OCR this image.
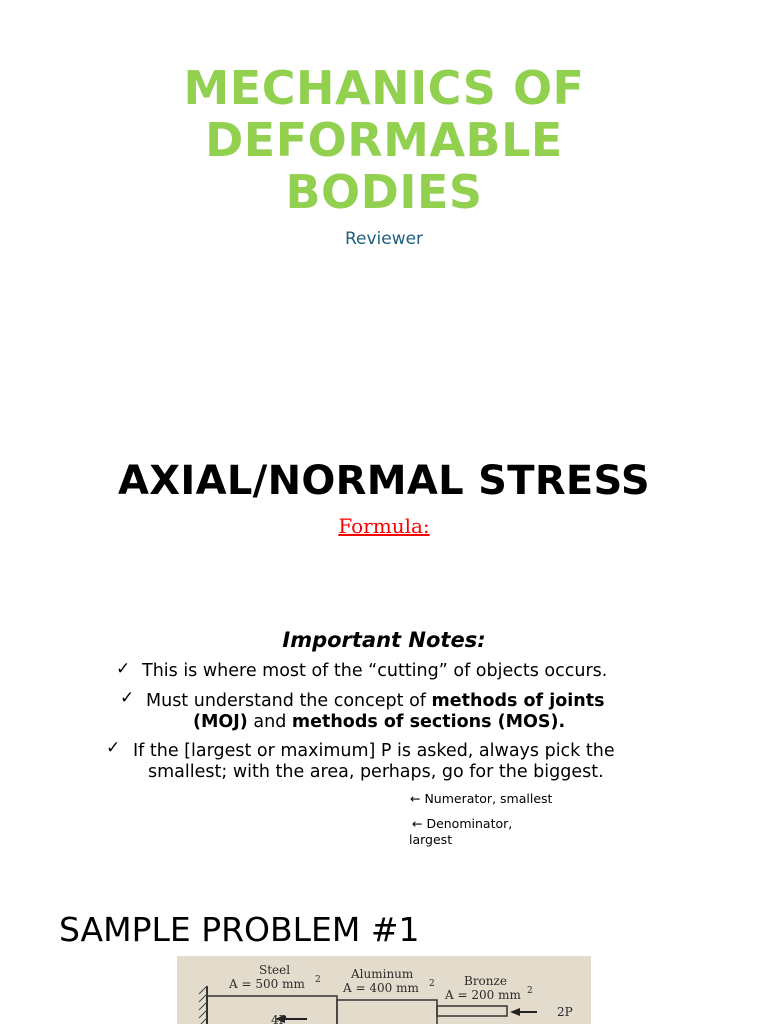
MECHANICS OF
DEFORMABLE
BODIES
Reviewer
AXIAL/NORMAL STRESS
Formula:
Important Notes:
✓ This is where most of the “cutting” of objects occurs.
✓ Must understand the concept of methods of joints
(MOJ) and methods of sections (MOS).
✓ If the [largest or maximum] P is asked, always pick the
smallest; with the area, perhaps, go for the biggest.
← Numerator, smallest
← Denominator,
largest
SAMPLE PROBLEM #1
Steel
A = 500 mm 2	Aluminum
A = 400 mm 2 Bronze
A = 200 mm 2
2P
4P
